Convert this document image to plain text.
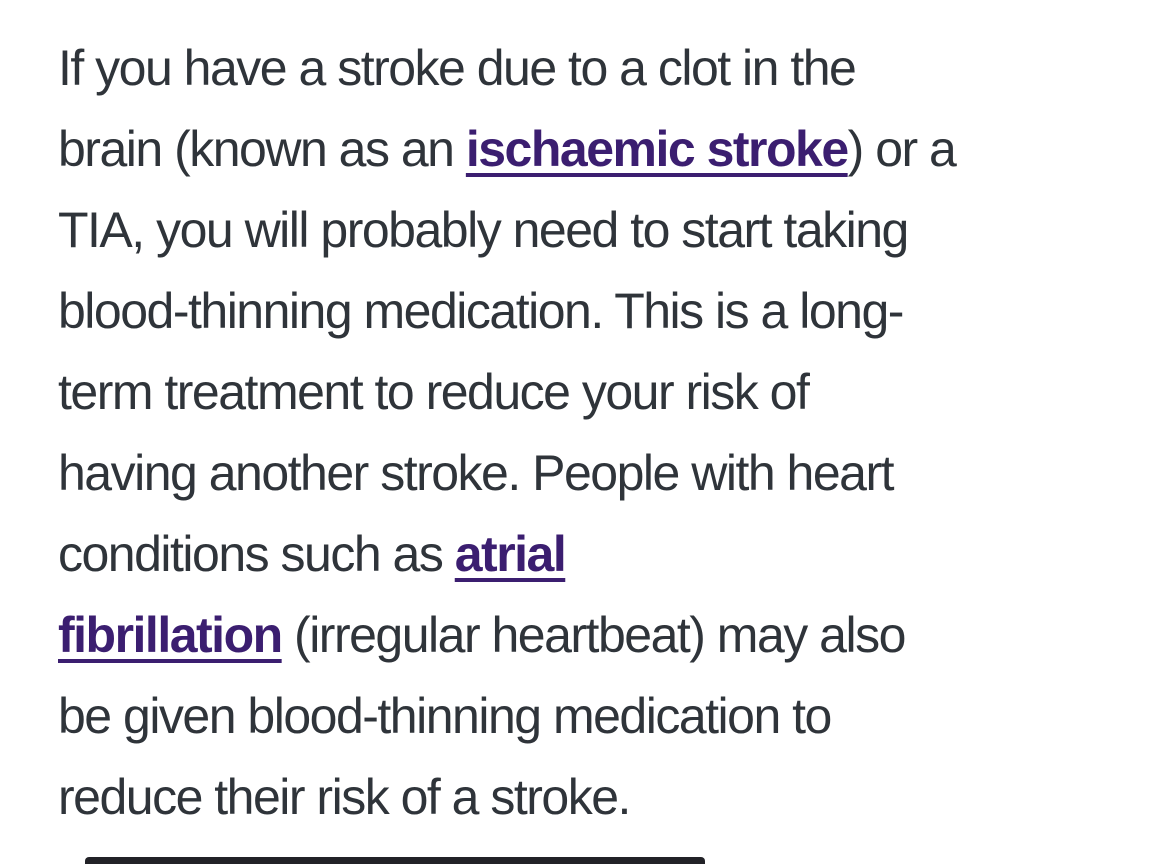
If you have a stroke due to a clot in the
brain (known as an ischaemic stroke) or a
TIA, you will probably need to start taking
blood-thinning medication. This is a long-
term treatment to reduce your risk of
having another stroke. People with heart
conditions such as atrial
fibrillation (irregular heartbeat) may also
be given blood-thinning medication to
reduce their risk of a stroke.
